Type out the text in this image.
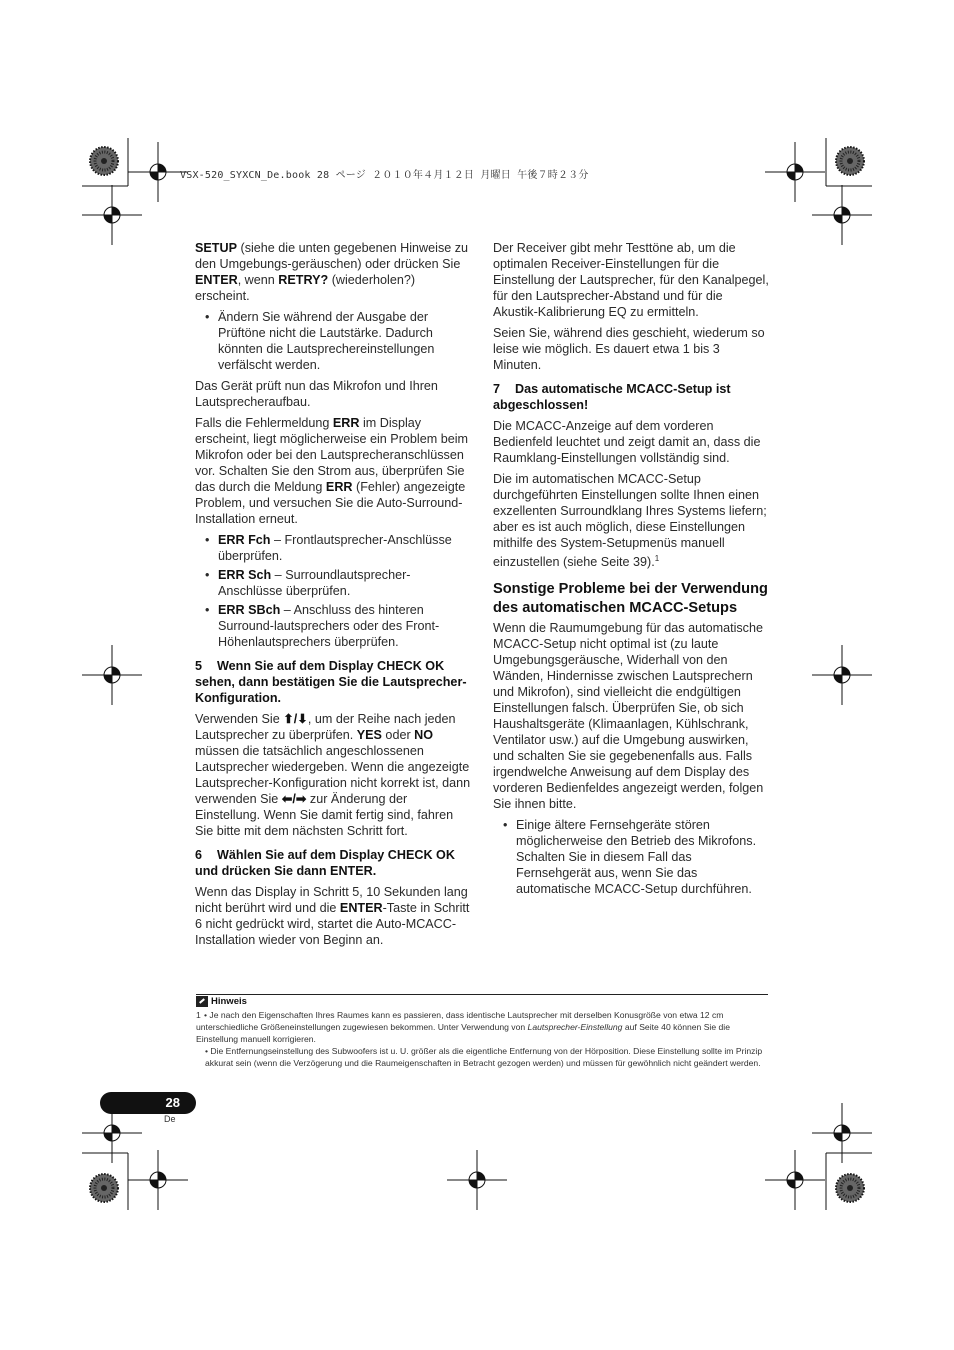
VSX-520_SYXCN_De.book 28 ページ ２０１０年４月１２日 月曜日 午後７時２３分

SETUP (siehe die unten gegebenen Hinweise zu den Umgebungs-geräuschen) oder drücken Sie ENTER, wenn RETRY? (wiederholen?) erscheint.

• Ändern Sie während der Ausgabe der Prüftöne nicht die Lautstärke. Dadurch könnten die Lautsprechereinstellungen verfälscht werden.

Das Gerät prüft nun das Mikrofon und Ihren Lautsprecheraufbau.

Falls die Fehlermeldung ERR im Display erscheint, liegt möglicherweise ein Problem beim Mikrofon oder bei den Lautsprecheranschlüssen vor. Schalten Sie den Strom aus, überprüfen Sie das durch die Meldung ERR (Fehler) angezeigte Problem, und versuchen Sie die Auto-Surround-Installation erneut.

• ERR Fch – Frontlautsprecher-Anschlüsse überprüfen.
• ERR Sch – Surroundlautsprecher-Anschlüsse überprüfen.
• ERR SBch – Anschluss des hinteren Surround-lautsprechers oder des Front-Höhenlautsprechers überprüfen.

5 Wenn Sie auf dem Display CHECK OK sehen, dann bestätigen Sie die Lautsprecher-Konfiguration.

Verwenden Sie ⬆/⬇, um der Reihe nach jeden Lautsprecher zu überprüfen. YES oder NO müssen die tatsächlich angeschlossenen Lautsprecher wiedergeben. Wenn die angezeigte Lautsprecher-Konfiguration nicht korrekt ist, dann verwenden Sie ⬅/➡ zur Änderung der Einstellung. Wenn Sie damit fertig sind, fahren Sie bitte mit dem nächsten Schritt fort.

6 Wählen Sie auf dem Display CHECK OK und drücken Sie dann ENTER.

Wenn das Display in Schritt 5, 10 Sekunden lang nicht berührt wird und die ENTER-Taste in Schritt 6 nicht gedrückt wird, startet die Auto-MCACC-Installation wieder von Beginn an.

Der Receiver gibt mehr Testtöne ab, um die optimalen Receiver-Einstellungen für die Einstellung der Lautsprecher, für den Kanalpegel, für den Lautsprecher-Abstand und für die Akustik-Kalibrierung EQ zu ermitteln.

Seien Sie, während dies geschieht, wiederum so leise wie möglich. Es dauert etwa 1 bis 3 Minuten.

7 Das automatische MCACC-Setup ist abgeschlossen!

Die MCACC-Anzeige auf dem vorderen Bedienfeld leuchtet und zeigt damit an, dass die Raumklang-Einstellungen vollständig sind.

Die im automatischen MCACC-Setup durchgeführten Einstellungen sollte Ihnen einen exzellenten Surroundklang Ihres Systems liefern; aber es ist auch möglich, diese Einstellungen mithilfe des System-Setupmenüs manuell einzustellen (siehe Seite 39).$^1$

Sonstige Probleme bei der Verwendung des automatischen MCACC-Setups

Wenn die Raumumgebung für das automatische MCACC-Setup nicht optimal ist (zu laute Umgebungsgeräusche, Widerhall von den Wänden, Hindernisse zwischen Lautsprechern und Mikrofon), sind vielleicht die endgültigen Einstellungen falsch. Überprüfen Sie, ob sich Haushaltsgeräte (Klimaanlagen, Kühlschrank, Ventilator usw.) auf die Umgebung auswirken, und schalten Sie sie gegebenenfalls aus. Falls irgendwelche Anweisung auf dem Display des vorderen Bedienfeldes angezeigt werden, folgen Sie ihnen bitte.

• Einige ältere Fernsehgeräte stören möglicherweise den Betrieb des Mikrofons. Schalten Sie in diesem Fall das Fernsehgerät aus, wenn Sie das automatische MCACC-Setup durchführen.
Hinweis

1 • Je nach den Eigenschaften Ihres Raumes kann es passieren, dass identische Lautsprecher mit derselben Konusgröße von etwa 12 cm unterschiedliche Größeneinstellungen zugewiesen bekommen. Unter Verwendung von Lautsprecher-Einstellung auf Seite 40 können Sie die Einstellung manuell korrigieren.

• Die Entfernungseinstellung des Subwoofers ist u. U. größer als die eigentliche Entfernung von der Hörposition. Diese Einstellung sollte im Prinzip akkurat sein (wenn die Verzögerung und die Raumeigenschaften in Betracht gezogen werden) und müssen für gewöhnlich nicht geändert werden.

28
De
